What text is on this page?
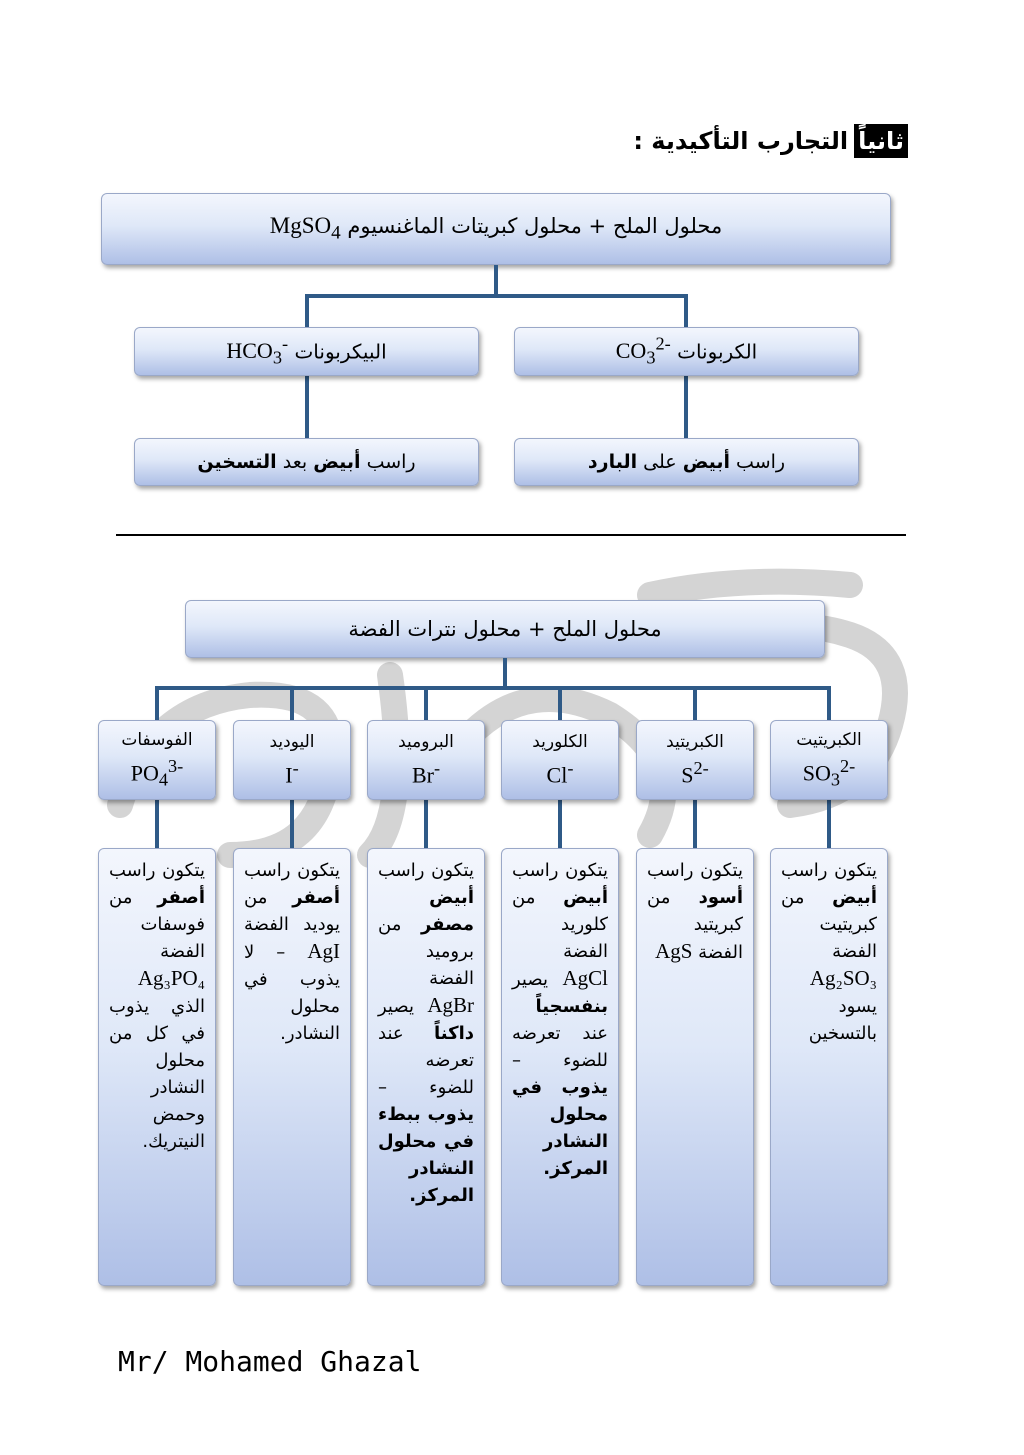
ثانياً
التجارب التأكيدية :
محلول الملح + محلول كبريتات الماغنسيوم MgSO$_4$
الكربونات $CO_3^{2-}$
البيكربونات $HCO_3^-$
راسب أبيض على البارد
راسب أبيض بعد التسخين
محلول الملح + محلول نترات الفضة
الكبريتيت
$SO_3^{2-}$
الكبريتيد
$S^{2-}$
الكلوريد
Cl-
البروميد
Br-
اليوديد
I-
الفوسفات
$PO_4^{3-}$
يتكون راسب أبيض من كبريتيت الفضة Ag₂SO₃ يسود بالتسخين
يتكون راسب أسود من كبريتيد الفضة AgS
يتكون راسب أبيض من كلوريد الفضة AgCl يصير بنفسجياً عند تعرضه للضوء – يذوب في محلول النشادر المركز.
يتكون راسب أبيض مصفر من بروميد الفضة AgBr يصير داكناً عند تعرضه للضوء – يذوب ببطء في محلول النشادر المركز.
يتكون راسب أصفر من يوديد الفضة AgI – لا يذوب في محلول النشادر.
يتكون راسب أصفر من فوسفات الفضة Ag₃PO₄ الذي يذوب في كل من محلول النشادر وحمض النيتريك.
Mr/ Mohamed Ghazal
